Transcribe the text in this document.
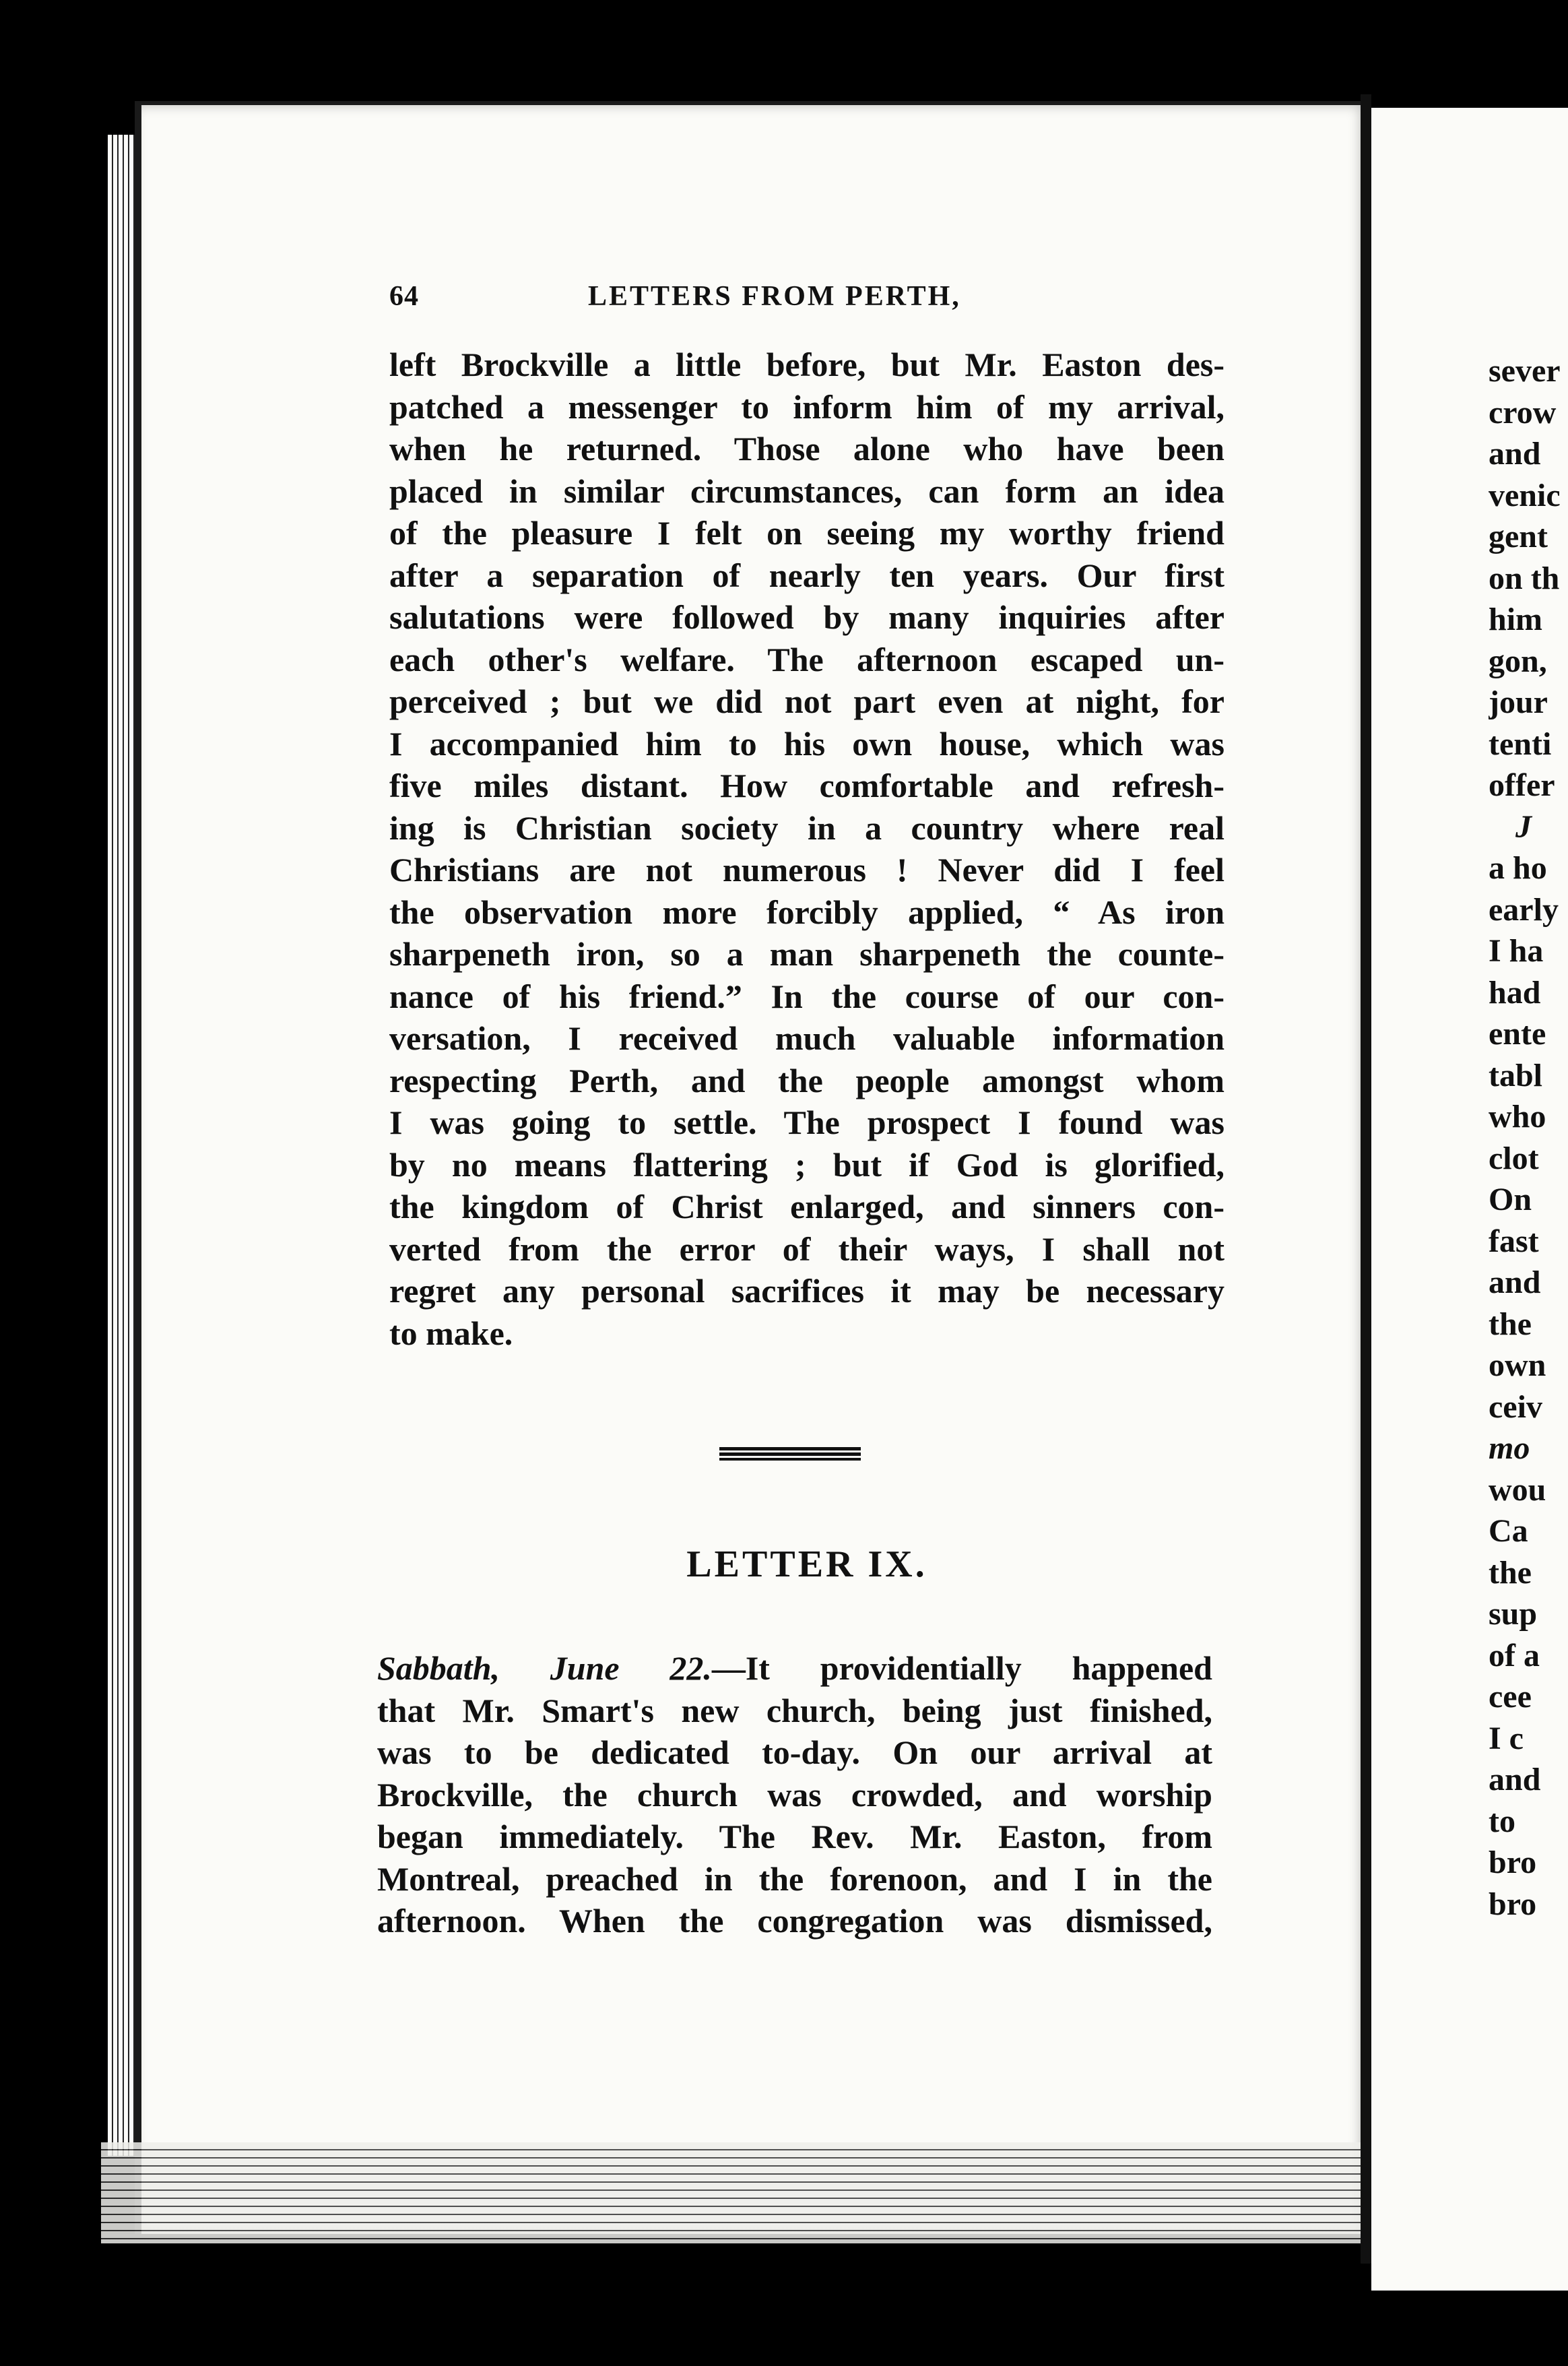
64	LETTERS FROM PERTH,
left Brockville a little before, but Mr. Easton des-
patched a messenger to inform him of my arrival,
when he returned. Those alone who have been
placed in similar circumstances, can form an idea
of the pleasure I felt on seeing my worthy friend
after a separation of nearly ten years. Our first
salutations were followed by many inquiries after
each other's welfare. The afternoon escaped un-
perceived ; but we did not part even at night, for
I accompanied him to his own house, which was
five miles distant. How comfortable and refresh-
ing is Christian society in a country where real
Christians are not numerous ! Never did I feel
the observation more forcibly applied, “ As iron
sharpeneth iron, so a man sharpeneth the counte-
nance of his friend.” In the course of our con-
versation, I received much valuable information
respecting Perth, and the people amongst whom
I was going to settle. The prospect I found was
by no means flattering ; but if God is glorified,
the kingdom of Christ enlarged, and sinners con-
verted from the error of their ways, I shall not
regret any personal sacrifices it may be necessary
to make.
LETTER IX.
Sabbath, June 22.—It providentially happened
that Mr. Smart's new church, being just finished,
was to be dedicated to-day. On our arrival at
Brockville, the church was crowded, and worship
began immediately. The Rev. Mr. Easton, from
Montreal, preached in the forenoon, and I in the
afternoon. When the congregation was dismissed,
sever
crow
and
venic
gent
on th
him
gon,
jour
tenti
offer
J
a ho
early
I ha
had
ente
tabl
who
clot
On
fast
and
the
own
ceiv
mo
wou
Ca
the
sup
of a
cee
I c
and
to
bro
bro
